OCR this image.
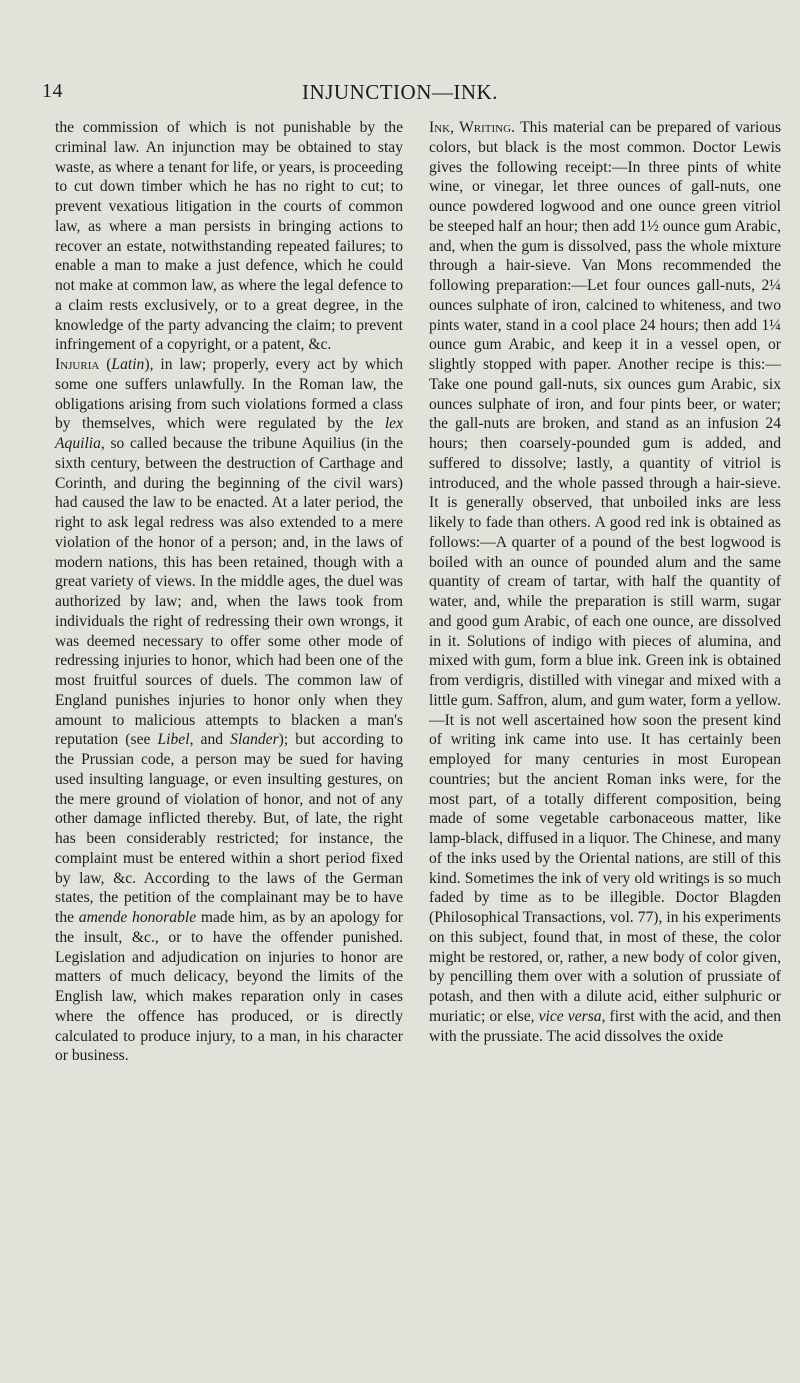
14	INJUNCTION—INK.

the commission of which is not punishable by the criminal law. An injunction may be obtained to stay waste, as where a tenant for life, or years, is proceeding to cut down timber which he has no right to cut; to prevent vexatious litigation in the courts of common law, as where a man persists in bringing actions to recover an estate, notwithstanding repeated failures; to enable a man to make a just defence, which he could not make at common law, as where the legal defence to a claim rests exclusively, or to a great degree, in the knowledge of the party advancing the claim; to prevent infringement of a copyright, or a patent, &c.

Injuria (Latin), in law; properly, every act by which some one suffers unlawfully. In the Roman law, the obligations arising from such violations formed a class by themselves, which were regulated by the lex Aquilia, so called because the tribune Aquilius (in the sixth century, between the destruction of Carthage and Corinth, and during the beginning of the civil wars) had caused the law to be enacted. At a later period, the right to ask legal redress was also extended to a mere violation of the honor of a person; and, in the laws of modern nations, this has been retained, though with a great variety of views. In the middle ages, the duel was authorized by law; and, when the laws took from individuals the right of redressing their own wrongs, it was deemed necessary to offer some other mode of redressing injuries to honor, which had been one of the most fruitful sources of duels. The common law of England punishes injuries to honor only when they amount to malicious attempts to blacken a man's reputation (see Libel, and Slander); but according to the Prussian code, a person may be sued for having used insulting language, or even insulting gestures, on the mere ground of violation of honor, and not of any other damage inflicted thereby. But, of late, the right has been considerably restricted; for instance, the complaint must be entered within a short period fixed by law, &c. According to the laws of the German states, the petition of the complainant may be to have the amende honorable made him, as by an apology for the insult, &c., or to have the offender punished. Legislation and adjudication on injuries to honor are matters of much delicacy, beyond the limits of the English law, which makes reparation only in cases where the offence has produced, or is directly calculated to produce injury, to a man, in his character or business.

Ink, Writing. This material can be prepared of various colors, but black is the most common. Doctor Lewis gives the following receipt:—In three pints of white wine, or vinegar, let three ounces of gall-nuts, one ounce powdered logwood and one ounce green vitriol be steeped half an hour; then add 1½ ounce gum Arabic, and, when the gum is dissolved, pass the whole mixture through a hair-sieve. Van Mons recommended the following preparation:—Let four ounces gall-nuts, 2¼ ounces sulphate of iron, calcined to whiteness, and two pints water, stand in a cool place 24 hours; then add 1¼ ounce gum Arabic, and keep it in a vessel open, or slightly stopped with paper. Another recipe is this:—Take one pound gall-nuts, six ounces gum Arabic, six ounces sulphate of iron, and four pints beer, or water; the gall-nuts are broken, and stand as an infusion 24 hours; then coarsely-pounded gum is added, and suffered to dissolve; lastly, a quantity of vitriol is introduced, and the whole passed through a hair-sieve. It is generally observed, that unboiled inks are less likely to fade than others. A good red ink is obtained as follows:—A quarter of a pound of the best logwood is boiled with an ounce of pounded alum and the same quantity of cream of tartar, with half the quantity of water, and, while the preparation is still warm, sugar and good gum Arabic, of each one ounce, are dissolved in it. Solutions of indigo with pieces of alumina, and mixed with gum, form a blue ink. Green ink is obtained from verdigris, distilled with vinegar and mixed with a little gum. Saffron, alum, and gum water, form a yellow.—It is not well ascertained how soon the present kind of writing ink came into use. It has certainly been employed for many centuries in most European countries; but the ancient Roman inks were, for the most part, of a totally different composition, being made of some vegetable carbonaceous matter, like lamp-black, diffused in a liquor. The Chinese, and many of the inks used by the Oriental nations, are still of this kind. Sometimes the ink of very old writings is so much faded by time as to be illegible. Doctor Blagden (Philosophical Transactions, vol. 77), in his experiments on this subject, found that, in most of these, the color might be restored, or, rather, a new body of color given, by pencilling them over with a solution of prussiate of potash, and then with a dilute acid, either sulphuric or muriatic; or else, vice versa, first with the acid, and then with the prussiate. The acid dissolves the oxide
